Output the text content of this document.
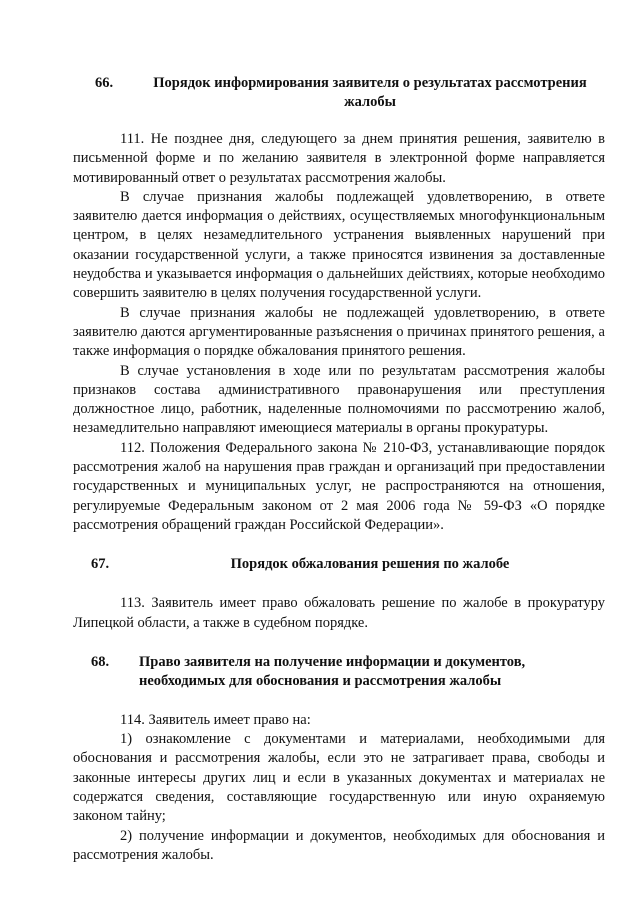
66.	Порядок информирования заявителя о результатах рассмотрения жалобы

111. Не позднее дня, следующего за днем принятия решения, заявителю в письменной форме и по желанию заявителя в электронной форме направляется мотивированный ответ о результатах рассмотрения жалобы.

В случае признания жалобы подлежащей удовлетворению, в ответе заявителю дается информация о действиях, осуществляемых многофункциональным центром, в целях незамедлительного устранения выявленных нарушений при оказании государственной услуги, а также приносятся извинения за доставленные неудобства и указывается информация о дальнейших действиях, которые необходимо совершить заявителю в целях получения государственной услуги.

В случае признания жалобы не подлежащей удовлетворению, в ответе заявителю даются аргументированные разъяснения о причинах принятого решения, а также информация о порядке обжалования принятого решения.

В случае установления в ходе или по результатам рассмотрения жалобы признаков состава административного правонарушения или преступления должностное лицо, работник, наделенные полномочиями по рассмотрению жалоб, незамедлительно направляют имеющиеся материалы в органы прокуратуры.

112. Положения Федерального закона № 210-ФЗ, устанавливающие порядок рассмотрения жалоб на нарушения прав граждан и организаций при предоставлении государственных и муниципальных услуг, не распространяются на отношения, регулируемые Федеральным законом от 2 мая 2006 года № 59-ФЗ «О порядке рассмотрения обращений граждан Российской Федерации».

67.	Порядок обжалования решения по жалобе

113. Заявитель имеет право обжаловать решение по жалобе в прокуратуру Липецкой области, а также в судебном порядке.

68.	Право заявителя на получение информации и документов,
необходимых для обоснования и рассмотрения жалобы

114. Заявитель имеет право на:

1) ознакомление с документами и материалами, необходимыми для обоснования и рассмотрения жалобы, если это не затрагивает права, свободы и законные интересы других лиц и если в указанных документах и материалах не содержатся сведения, составляющие государственную или иную охраняемую законом тайну;

2) получение информации и документов, необходимых для обоснования и рассмотрения жалобы.
